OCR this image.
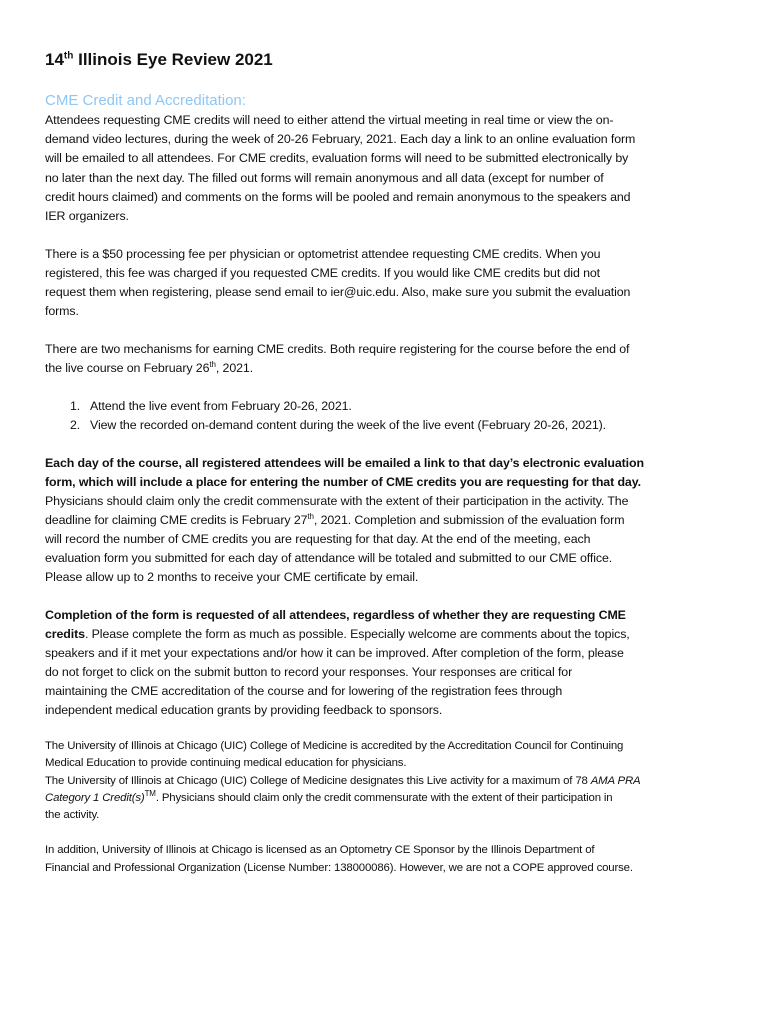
14th Illinois Eye Review 2021
CME Credit and Accreditation:
Attendees requesting CME credits will need to either attend the virtual meeting in real time or view the on-
demand video lectures, during the week of 20-26 February, 2021. Each day a link to an online evaluation form
will be emailed to all attendees. For CME credits, evaluation forms will need to be submitted electronically by
no later than the next day. The filled out forms will remain anonymous and all data (except for number of
credit hours claimed) and comments on the forms will be pooled and remain anonymous to the speakers and
IER organizers.
There is a $50 processing fee per physician or optometrist attendee requesting CME credits. When you
registered, this fee was charged if you requested CME credits. If you would like CME credits but did not
request them when registering, please send email to ier@uic.edu. Also, make sure you submit the evaluation
forms.
There are two mechanisms for earning CME credits. Both require registering for the course before the end of
the live course on February 26th, 2021.
1. Attend the live event from February 20-26, 2021.
2. View the recorded on-demand content during the week of the live event (February 20-26, 2021).
Each day of the course, all registered attendees will be emailed a link to that day’s electronic evaluation
form, which will include a place for entering the number of CME credits you are requesting for that day.
Physicians should claim only the credit commensurate with the extent of their participation in the activity. The
deadline for claiming CME credits is February 27th, 2021. Completion and submission of the evaluation form
will record the number of CME credits you are requesting for that day. At the end of the meeting, each
evaluation form you submitted for each day of attendance will be totaled and submitted to our CME office.
Please allow up to 2 months to receive your CME certificate by email.
Completion of the form is requested of all attendees, regardless of whether they are requesting CME
credits. Please complete the form as much as possible. Especially welcome are comments about the topics,
speakers and if it met your expectations and/or how it can be improved. After completion of the form, please
do not forget to click on the submit button to record your responses. Your responses are critical for
maintaining the CME accreditation of the course and for lowering of the registration fees through
independent medical education grants by providing feedback to sponsors.
The University of Illinois at Chicago (UIC) College of Medicine is accredited by the Accreditation Council for Continuing
Medical Education to provide continuing medical education for physicians.
The University of Illinois at Chicago (UIC) College of Medicine designates this Live activity for a maximum of 78 AMA PRA
Category 1 Credit(s)™. Physicians should claim only the credit commensurate with the extent of their participation in
the activity.
In addition, University of Illinois at Chicago is licensed as an Optometry CE Sponsor by the Illinois Department of
Financial and Professional Organization (License Number: 138000086). However, we are not a COPE approved course.
